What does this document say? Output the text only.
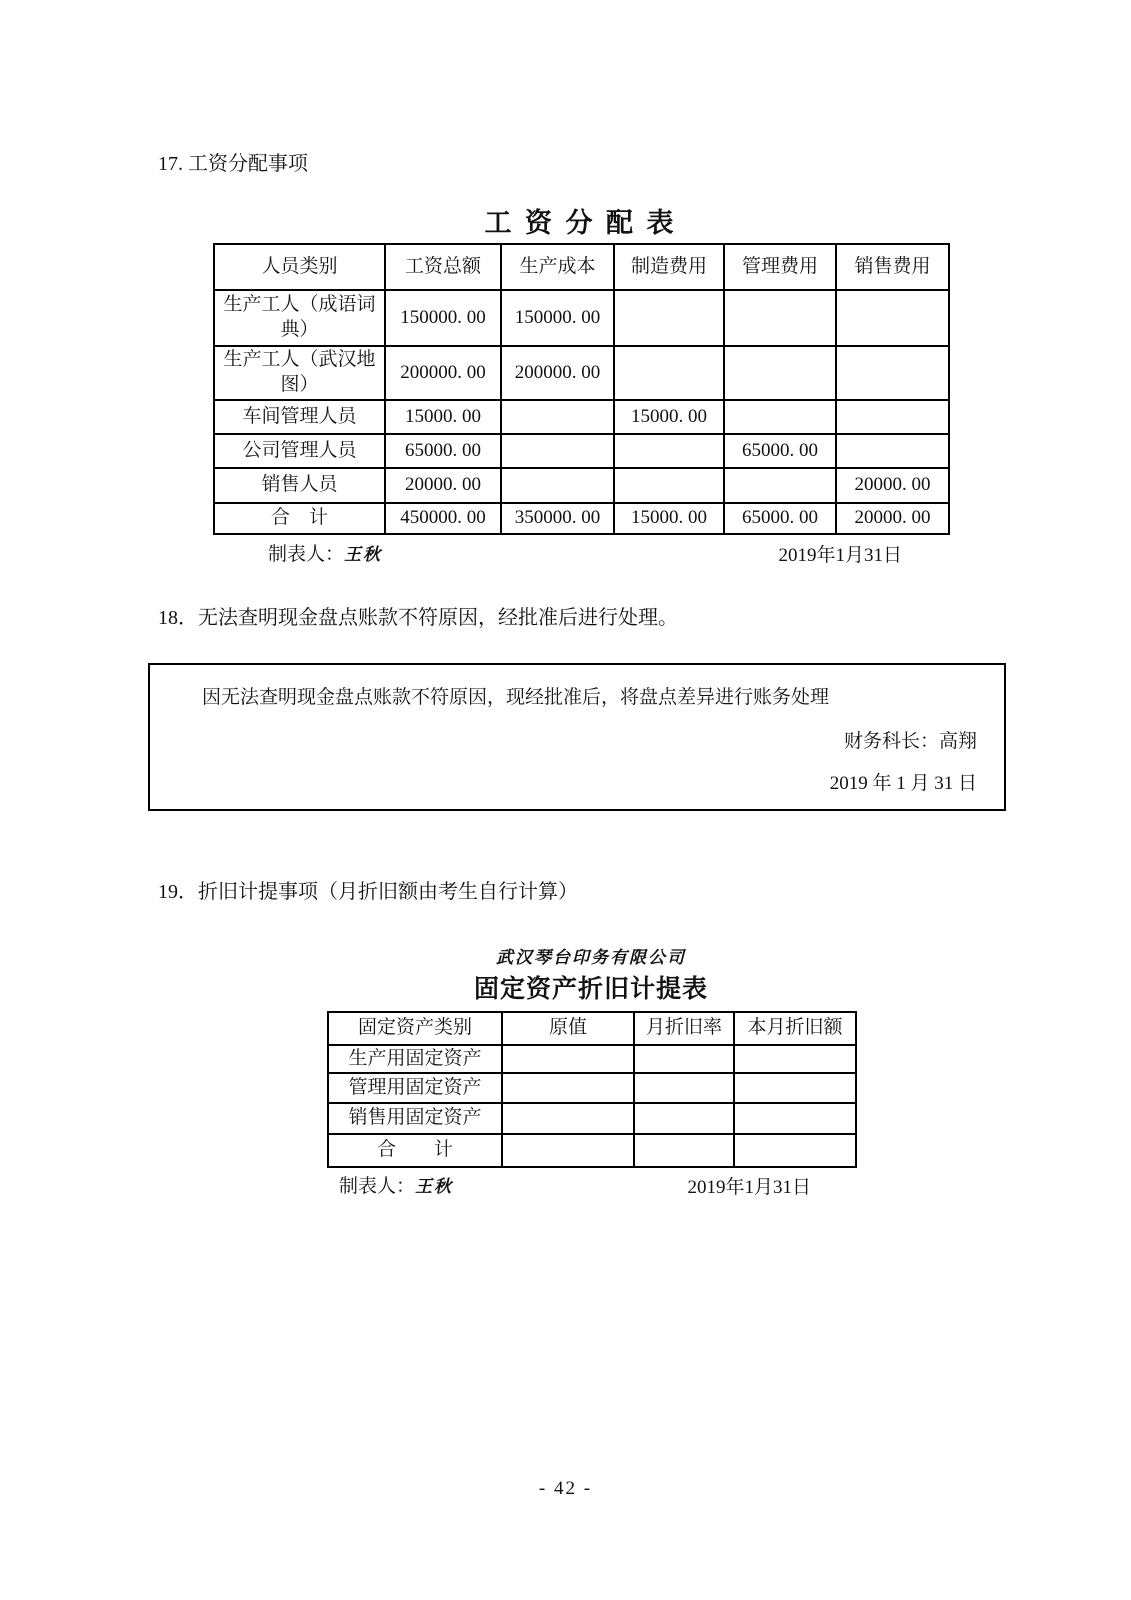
17. 工资分配事项
工 资 分 配 表
人员类别	工资总额	生产成本	制造费用	管理费用	销售费用
生产工人（成语词典）	150000. 00	150000. 00			
生产工人（武汉地图）	200000. 00	200000. 00			
车间管理人员	15000. 00		15000. 00		
公司管理人员	65000. 00			65000. 00	
销售人员	20000. 00				20000. 00
合　计	450000. 00	350000. 00	15000. 00	65000. 00	20000. 00
制表人：王秋	2019年1月31日
18．无法查明现金盘点账款不符原因，经批准后进行处理。
因无法查明现金盘点账款不符原因，现经批准后，将盘点差异进行账务处理
财务科长：高翔
2019 年 1 月 31 日
19．折旧计提事项（月折旧额由考生自行计算）
武汉琴台印务有限公司
固定资产折旧计提表
固定资产类别	原值	月折旧率	本月折旧额
生产用固定资产			
管理用固定资产			
销售用固定资产			
合　　计			
制表人：王秋	2019年1月31日
- 42 -
